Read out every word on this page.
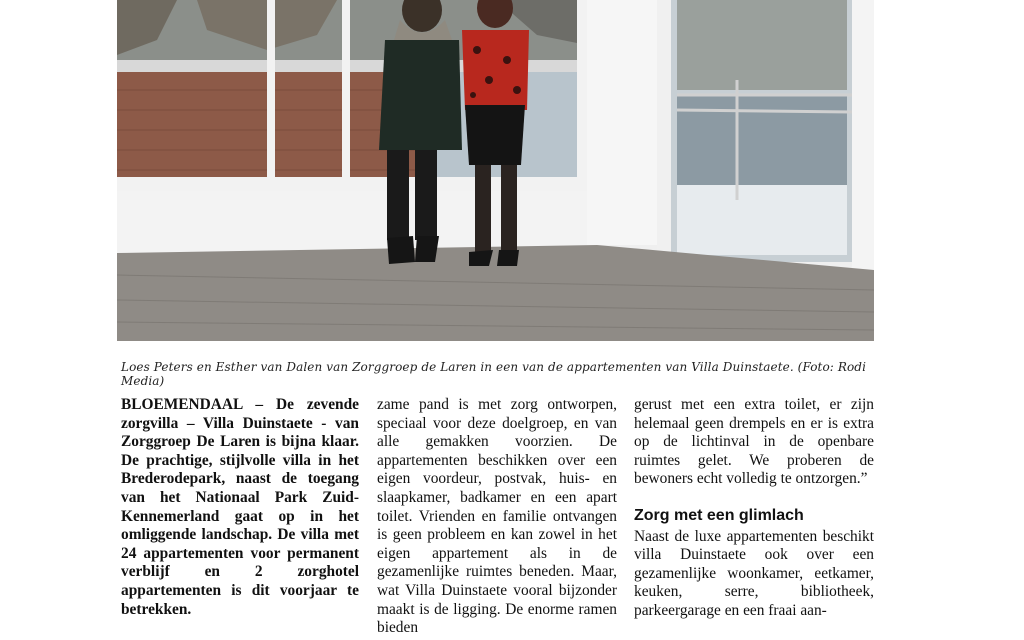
Loes Peters en Esther van Dalen van Zorggroep de Laren in een van de appartementen van Villa Duinstaete. (Foto: Rodi Media)

BLOEMENDAAL – De zevende zorgvilla – Villa Duinstaete - van Zorggroep De Laren is bijna klaar. De prachtige, stijlvolle villa in het Brederodepark, naast de toegang van het Nationaal Park Zuid-Kennemerland gaat op in het omliggende landschap. De villa met 24 appartementen voor permanent verblijf en 2 zorghotel appartementen is dit voorjaar te betrekken.

zame pand is met zorg ontworpen, speciaal voor deze doelgroep, en van alle gemakken voorzien. De appartementen beschikken over een eigen voordeur, postvak, huis- en slaapkamer, badkamer en een apart toilet. Vrienden en familie ontvangen is geen probleem en kan zowel in het eigen appartement als in de gezamenlijke ruimtes beneden. Maar, wat Villa Duinstaete vooral bijzonder maakt is de ligging. De enorme ramen bieden

gerust met een extra toilet, er zijn helemaal geen drempels en er is extra op de lichtinval in de openbare ruimtes gelet. We proberen de bewoners echt volledig te ontzorgen.”

Zorg met een glimlach

Naast de luxe appartementen beschikt villa Duinstaete ook over een gezamenlijke woonkamer, eetkamer, keuken, serre, bibliotheek, parkeergarage en een fraai aan-
